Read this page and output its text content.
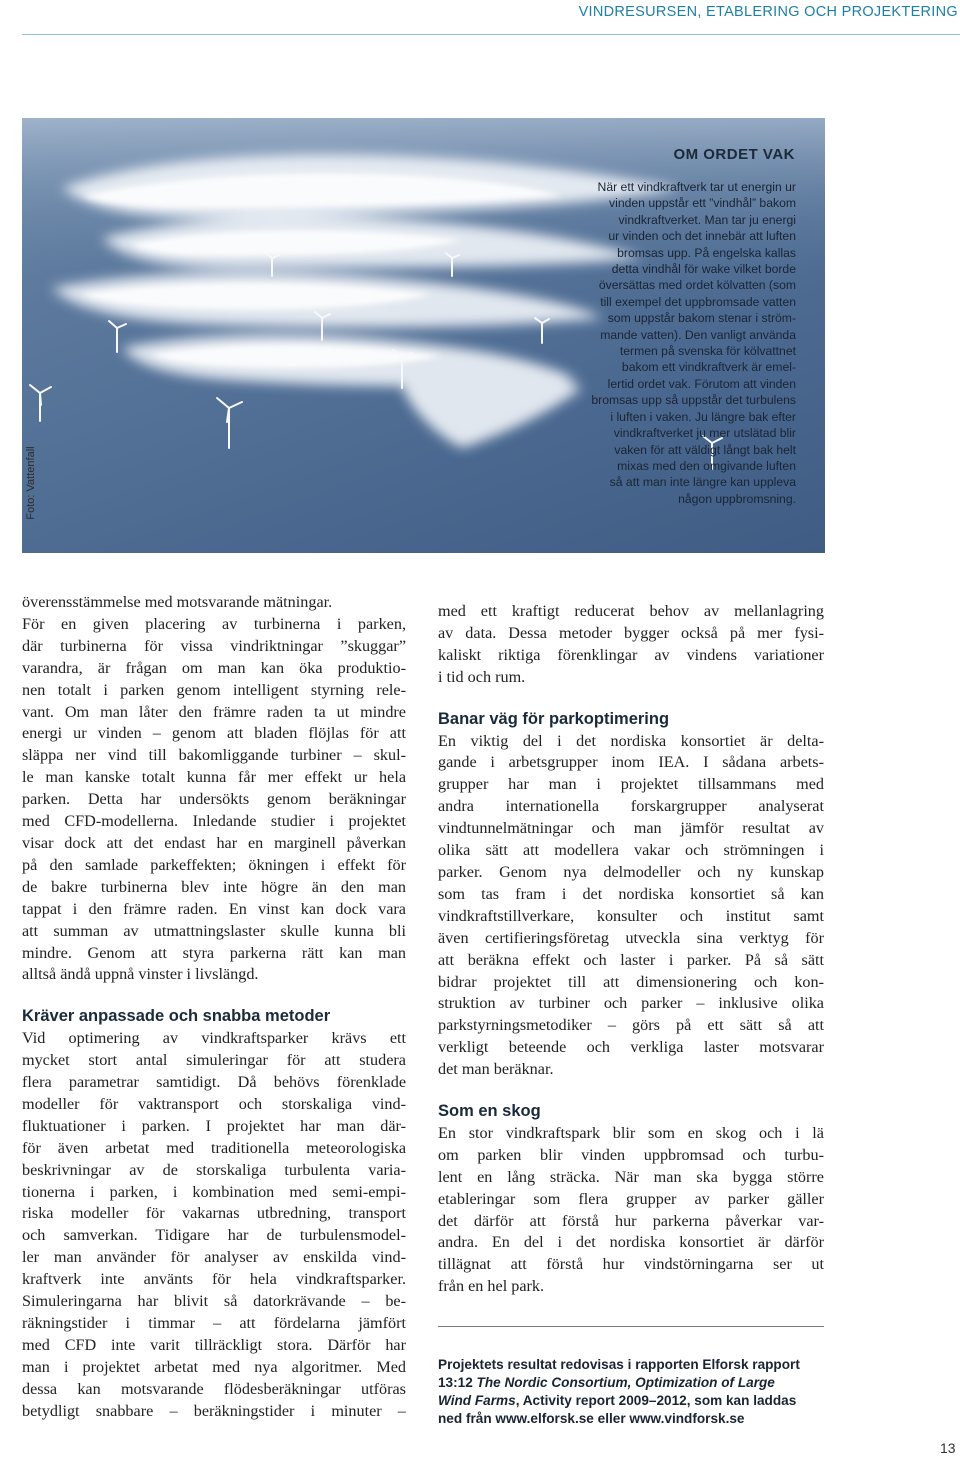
VINDRESURSEN, ETABLERING OCH PROJEKTERING
Foto: Vattenfall
OM ORDET VAK
När ett vindkraftverk tar ut energin ur
vinden uppstår ett ”vindhål” bakom
vindkraftverket. Man tar ju energi
ur vinden och det innebär att luften
bromsas upp. På engelska kallas
detta vindhål för wake vilket borde
översättas med ordet kölvatten (som
till exempel det uppbromsade vatten
som uppstår bakom stenar i ström-
mande vatten). Den vanligt använda
termen på svenska för kölvattnet
bakom ett vindkraftverk är emel-
lertid ordet vak. Förutom att vinden
bromsas upp så uppstår det turbulens
i luften i vaken. Ju längre bak efter
vindkraftverket ju mer utslätad blir
vaken för att väldigt långt bak helt
mixas med den omgivande luften
så att man inte längre kan uppleva
någon uppbromsning.
överensstämmelse med motsvarande mätningar.
För en given placering av turbinerna i parken,
där turbinerna för vissa vindriktningar ”skuggar”
varandra, är frågan om man kan öka produktio-
nen totalt i parken genom intelligent styrning rele-
vant. Om man låter den främre raden ta ut mindre
energi ur vinden – genom att bladen flöjlas för att
släppa ner vind till bakomliggande turbiner – skul-
le man kanske totalt kunna får mer effekt ur hela
parken. Detta har undersökts genom beräkningar
med CFD-modellerna. Inledande studier i projektet
visar dock att det endast har en marginell påverkan
på den samlade parkeffekten; ökningen i effekt för
de bakre turbinerna blev inte högre än den man
tappat i den främre raden. En vinst kan dock vara
att summan av utmattningslaster skulle kunna bli
mindre. Genom att styra parkerna rätt kan man
alltså ändå uppnå vinster i livslängd.
Kräver anpassade och snabba metoder
Vid optimering av vindkraftsparker krävs ett
mycket stort antal simuleringar för att studera
flera parametrar samtidigt. Då behövs förenklade
modeller för vaktransport och storskaliga vind-
fluktuationer i parken. I projektet har man där-
för även arbetat med traditionella meteorologiska
beskrivningar av de storskaliga turbulenta varia-
tionerna i parken, i kombination med semi-empi-
riska modeller för vakarnas utbredning, transport
och samverkan. Tidigare har de turbulensmodel-
ler man använder för analyser av enskilda vind-
kraftverk inte använts för hela vindkraftsparker.
Simuleringarna har blivit så datorkrävande – be-
räkningstider i timmar – att fördelarna jämfört
med CFD inte varit tillräckligt stora. Därför har
man i projektet arbetat med nya algoritmer. Med
dessa kan motsvarande flödesberäkningar utföras
betydligt snabbare – beräkningstider i minuter –
med ett kraftigt reducerat behov av mellanlagring
av data. Dessa metoder bygger också på mer fysi-
kaliskt riktiga förenklingar av vindens variationer
i tid och rum.
Banar väg för parkoptimering
En viktig del i det nordiska konsortiet är delta-
gande i arbetsgrupper inom IEA. I sådana arbets-
grupper har man i projektet tillsammans med
andra internationella forskargrupper analyserat
vindtunnelmätningar och man jämför resultat av
olika sätt att modellera vakar och strömningen i
parker. Genom nya delmodeller och ny kunskap
som tas fram i det nordiska konsortiet så kan
vindkraftstillverkare, konsulter och institut samt
även certifieringsföretag utveckla sina verktyg för
att beräkna effekt och laster i parker. På så sätt
bidrar projektet till att dimensionering och kon-
struktion av turbiner och parker – inklusive olika
parkstyrningsmetodiker – görs på ett sätt så att
verkligt beteende och verkliga laster motsvarar
det man beräknar.
Som en skog
En stor vindkraftspark blir som en skog och i lä
om parken blir vinden uppbromsad och turbu-
lent en lång sträcka. När man ska bygga större
etableringar som flera grupper av parker gäller
det därför att förstå hur parkerna påverkar var-
andra. En del i det nordiska konsortiet är därför
tillägnat att förstå hur vindstörningarna ser ut
från en hel park.
Projektets resultat redovisas i rapporten Elforsk rapport
13:12 The Nordic Consortium, Optimization of Large
Wind Farms, Activity report 2009–2012, som kan laddas
ned från www.elforsk.se eller www.vindforsk.se
13
